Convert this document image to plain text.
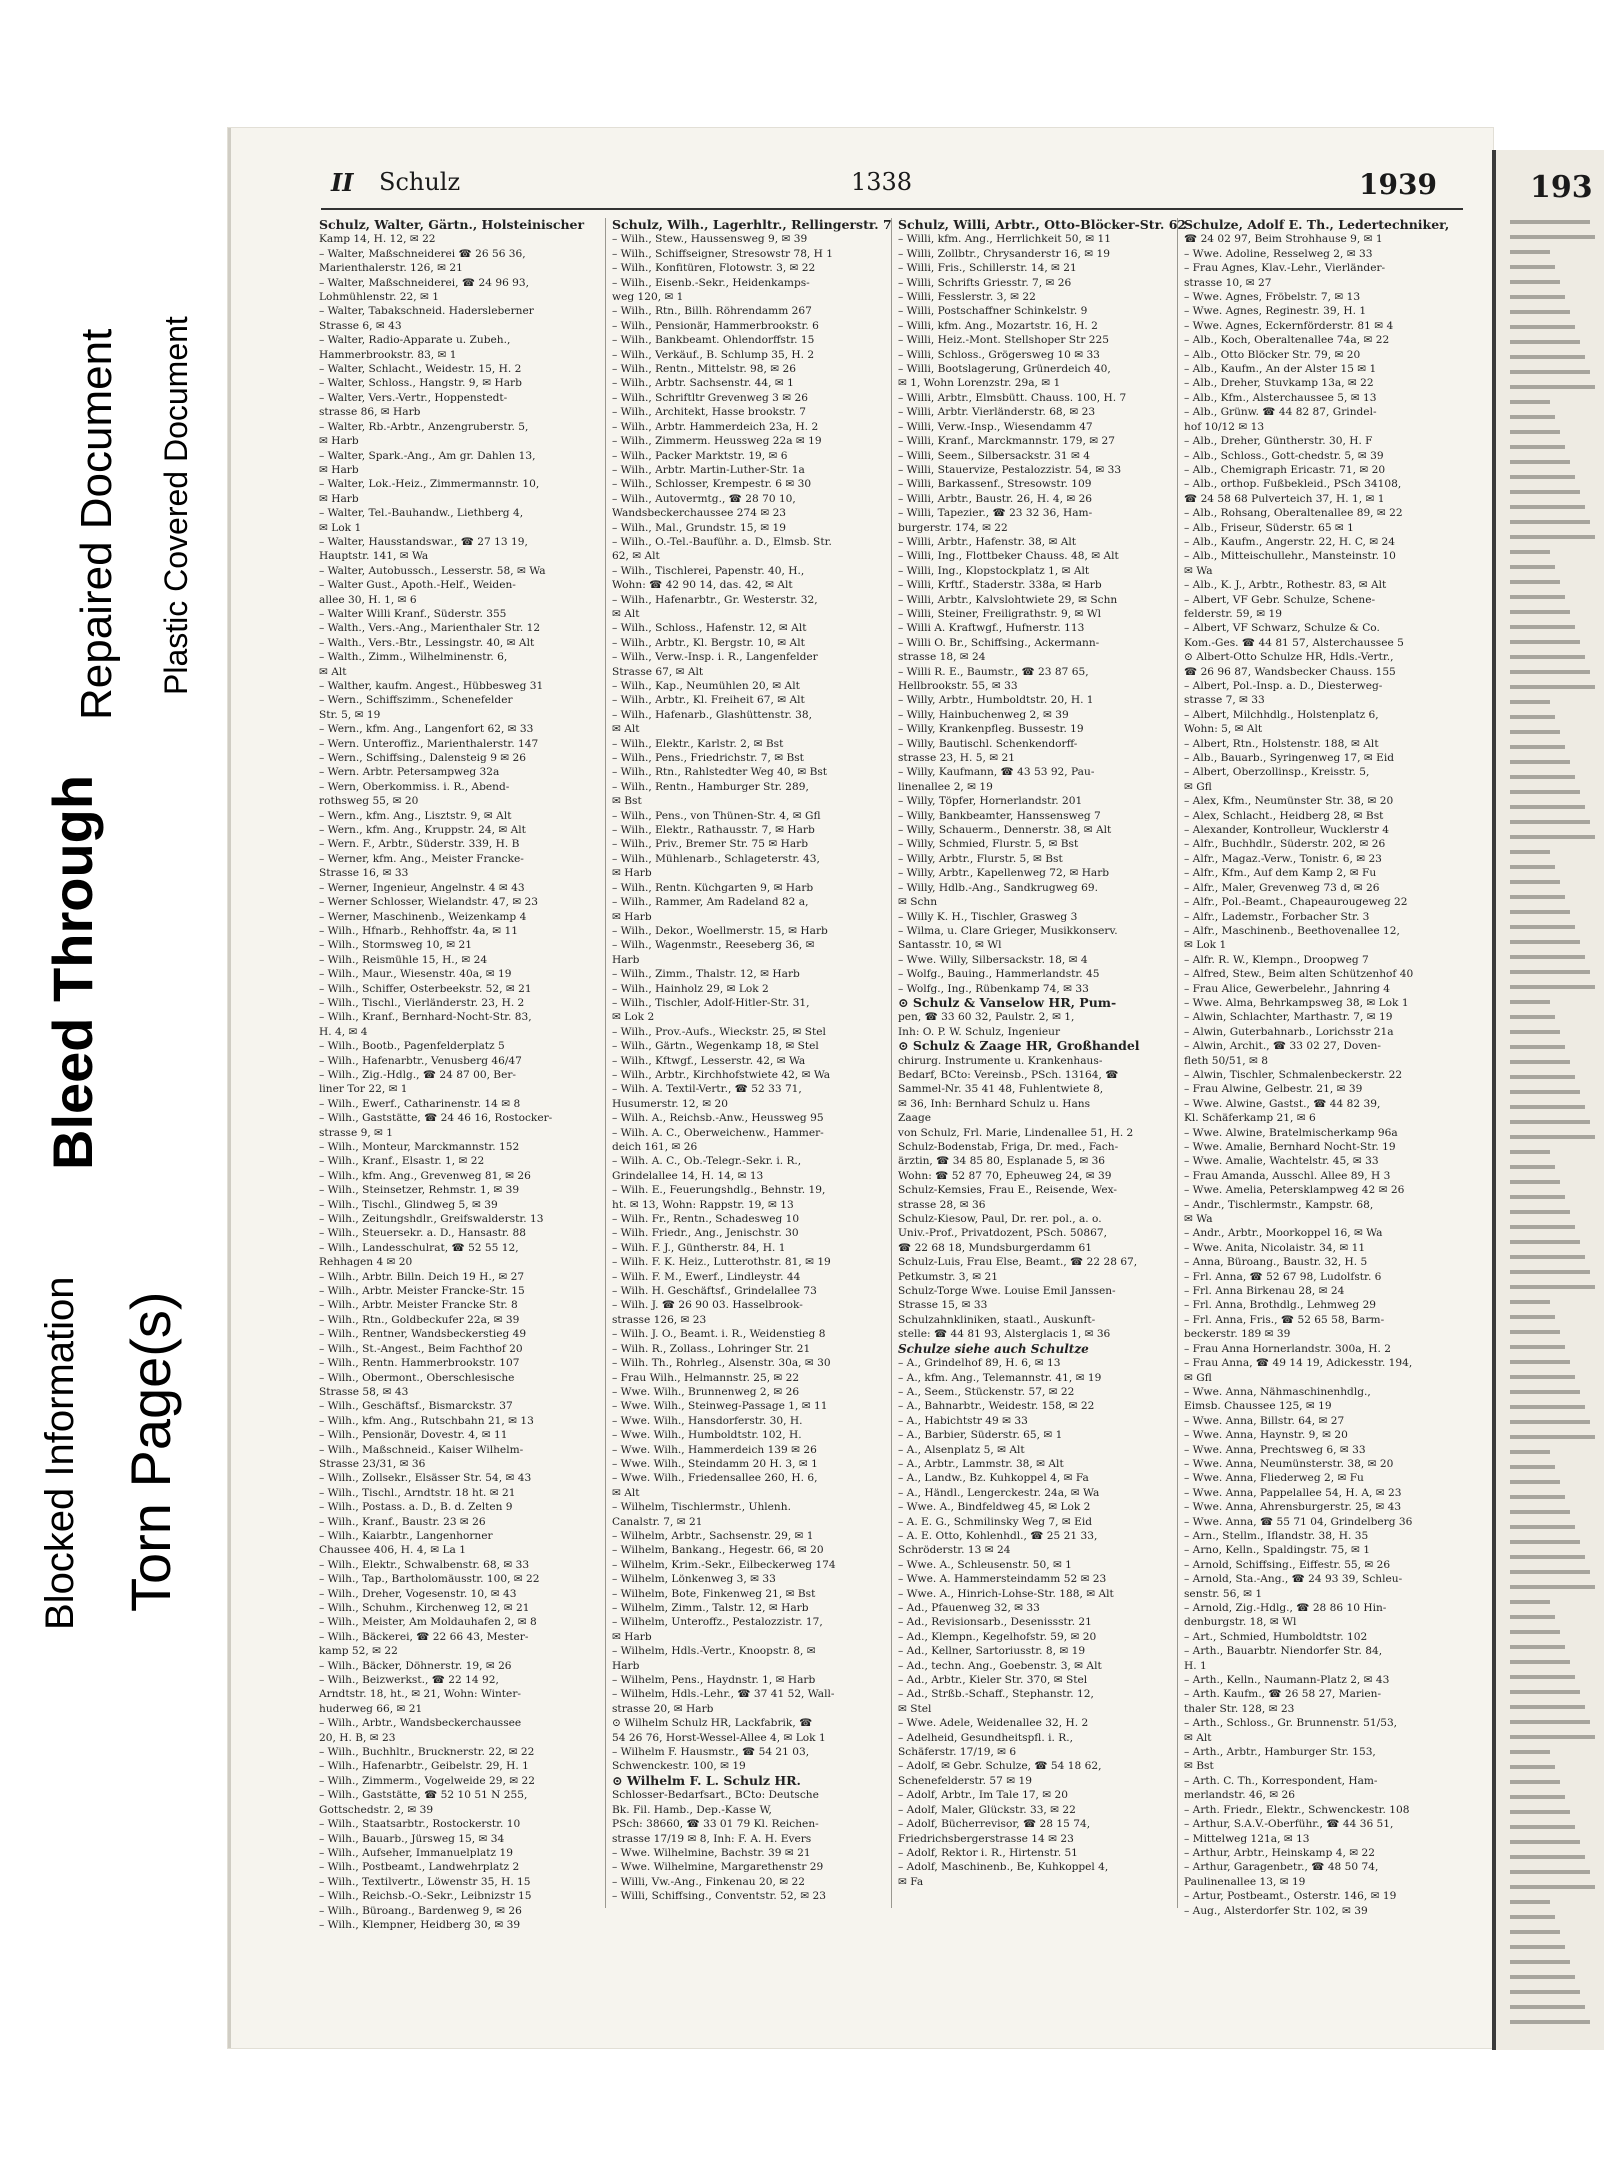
Blocked Information Torn Page(s)
Bleed Through
Repaired Document Plastic Covered Document
II Schulz	1338	1939
Schulz, Walter, Gärtn., Holsteinischer
Kamp 14, H. 12, ✉ 22
– Walter, Maßschneiderei ☎ 26 56 36,
Marienthalerstr. 126, ✉ 21
– Walter, Maßschneiderei, ☎ 24 96 93,
Lohmühlenstr. 22, ✉ 1
– Walter, Tabakschneid. Hadersleberner
Strasse 6, ✉ 43
– Walter, Radio-Apparate u. Zubeh.,
Hammerbrookstr. 83, ✉ 1
– Walter, Schlacht., Weidestr. 15, H. 2
– Walter, Schloss., Hangstr. 9, ✉ Harb
– Walter, Vers.-Vertr., Hoppenstedt-
strasse 86, ✉ Harb
– Walter, Rb.-Arbtr., Anzengruberstr. 5,
✉ Harb
– Walter, Spark.-Ang., Am gr. Dahlen 13,
✉ Harb
– Walter, Lok.-Heiz., Zimmermannstr. 10,
✉ Harb
– Walter, Tel.-Bauhandw., Liethberg 4,
✉ Lok 1
– Walter, Hausstandswar., ☎ 27 13 19,
Hauptstr. 141, ✉ Wa
– Walter, Autobussch., Lesserstr. 58, ✉ Wa
– Walter Gust., Apoth.-Helf., Weiden-
allee 30, H. 1, ✉ 6
– Walter Willi Kranf., Süderstr. 355
– Walth., Vers.-Ang., Marienthaler Str. 12
– Walth., Vers.-Btr., Lessingstr. 40, ✉ Alt
– Walth., Zimm., Wilhelminenstr. 6,
✉ Alt
– Walther, kaufm. Angest., Hübbesweg 31
– Wern., Schiffszimm., Schenefelder
Str. 5, ✉ 19
– Wern., kfm. Ang., Langenfort 62, ✉ 33
– Wern. Unteroffiz., Marienthalerstr. 147
– Wern., Schiffsing., Dalensteig 9 ✉ 26
– Wern. Arbtr. Petersampweg 32a
– Wern, Oberkommiss. i. R., Abend-
rothsweg 55, ✉ 20
– Wern., kfm. Ang., Lisztstr. 9, ✉ Alt
– Wern., kfm. Ang., Kruppstr. 24, ✉ Alt
– Wern. F., Arbtr., Süderstr. 339, H. B
– Werner, kfm. Ang., Meister Francke-
Strasse 16, ✉ 33
– Werner, Ingenieur, Angelnstr. 4 ✉ 43
– Werner Schlosser, Wielandstr. 47, ✉ 23
– Werner, Maschinenb., Weizenkamp 4
– Wilh., Hfnarb., Rehhoffstr. 4a, ✉ 11
– Wilh., Stormsweg 10, ✉ 21
– Wilh., Reismühle 15, H., ✉ 24
– Wilh., Maur., Wiesenstr. 40a, ✉ 19
– Wilh., Schiffer, Osterbeekstr. 52, ✉ 21
– Wilh., Tischl., Vierländerstr. 23, H. 2
– Wilh., Kranf., Bernhard-Nocht-Str. 83,
H. 4, ✉ 4
– Wilh., Bootb., Pagenfelderplatz 5
– Wilh., Hafenarbtr., Venusberg 46/47
– Wilh., Zig.-Hdlg., ☎ 24 87 00, Ber-
liner Tor 22, ✉ 1
– Wilh., Ewerf., Catharinenstr. 14 ✉ 8
– Wilh., Gaststätte, ☎ 24 46 16, Rostocker-
strasse 9, ✉ 1
– Wilh., Monteur, Marckmannstr. 152
– Wilh., Kranf., Elsastr. 1, ✉ 22
– Wilh., kfm. Ang., Grevenweg 81, ✉ 26
– Wilh., Steinsetzer, Rehmstr. 1, ✉ 39
– Wilh., Tischl., Glindweg 5, ✉ 39
– Wilh., Zeitungshdlr., Greifswalderstr. 13
– Wilh., Steuersekr. a. D., Hansastr. 88
– Wilh., Landesschulrat, ☎ 52 55 12,
Rehhagen 4 ✉ 20
– Wilh., Arbtr. Billn. Deich 19 H., ✉ 27
– Wilh., Arbtr. Meister Francke-Str. 15
– Wilh., Arbtr. Meister Francke Str. 8
– Wilh., Rtn., Goldbeckufer 22a, ✉ 39
– Wilh., Rentner, Wandsbeckerstieg 49
– Wilh., St.-Angest., Beim Fachthof 20
– Wilh., Rentn. Hammerbrookstr. 107
– Wilh., Obermont., Oberschlesische
Strasse 58, ✉ 43
– Wilh., Geschäftsf., Bismarckstr. 37
– Wilh., kfm. Ang., Rutschbahn 21, ✉ 13
– Wilh., Pensionär, Dovestr. 4, ✉ 11
– Wilh., Maßschneid., Kaiser Wilhelm-
Strasse 23/31, ✉ 36
– Wilh., Zollsekr., Elsässer Str. 54, ✉ 43
– Wilh., Tischl., Arndtstr. 18 ht. ✉ 21
– Wilh., Postass. a. D., B. d. Zelten 9
– Wilh., Kranf., Baustr. 23 ✉ 26
– Wilh., Kaiarbtr., Langenhorner
Chaussee 406, H. 4, ✉ La 1
– Wilh., Elektr., Schwalbenstr. 68, ✉ 33
– Wilh., Tap., Bartholomäusstr. 100, ✉ 22
– Wilh., Dreher, Vogesenstr. 10, ✉ 43
– Wilh., Schuhm., Kirchenweg 12, ✉ 21
– Wilh., Meister, Am Moldauhafen 2, ✉ 8
– Wilh., Bäckerei, ☎ 22 66 43, Mester-
kamp 52, ✉ 22
– Wilh., Bäcker, Döhnerstr. 19, ✉ 26
– Wilh., Beizwerkst., ☎ 22 14 92,
Arndtstr. 18, ht., ✉ 21, Wohn: Winter-
huderweg 66, ✉ 21
– Wilh., Arbtr., Wandsbeckerchaussee
20, H. B, ✉ 23
– Wilh., Buchhltr., Brucknerstr. 22, ✉ 22
– Wilh., Hafenarbtr., Geibelstr. 29, H. 1
– Wilh., Zimmerm., Vogelweide 29, ✉ 22
– Wilh., Gaststätte, ☎ 52 10 51 N 255,
Gottschedstr. 2, ✉ 39
– Wilh., Staatsarbtr., Rostockerstr. 10
– Wilh., Bauarb., Jürsweg 15, ✉ 34
– Wilh., Aufseher, Immanuelplatz 19
– Wilh., Postbeamt., Landwehrplatz 2
– Wilh., Textilvertr., Löwenstr 35, H. 15
– Wilh., Reichsb.-O.-Sekr., Leibnizstr 15
– Wilh., Büroang., Bardenweg 9, ✉ 26
– Wilh., Klempner, Heidberg 30, ✉ 39
Schulz, Wilh., Lagerhltr., Rellingerstr. 7
– Wilh., Stew., Haussensweg 9, ✉ 39
– Wilh., Schiffseigner, Stresowstr 78, H 1
– Wilh., Konfitüren, Flotowstr. 3, ✉ 22
– Wilh., Eisenb.-Sekr., Heidenkamps-
weg 120, ✉ 1
– Wilh., Rtn., Billh. Röhrendamm 267
– Wilh., Pensionär, Hammerbrookstr. 6
– Wilh., Bankbeamt. Ohlendorffstr. 15
– Wilh., Verkäuf., B. Schlump 35, H. 2
– Wilh., Rentn., Mittelstr. 98, ✉ 26
– Wilh., Arbtr. Sachsenstr. 44, ✉ 1
– Wilh., Schriftltr Grevenweg 3 ✉ 26
– Wilh., Architekt, Hasse brookstr. 7
– Wilh., Arbtr. Hammerdeich 23a, H. 2
– Wilh., Zimmerm. Heussweg 22a ✉ 19
– Wilh., Packer Marktstr. 19, ✉ 6
– Wilh., Arbtr. Martin-Luther-Str. 1a
– Wilh., Schlosser, Krempestr. 6 ✉ 30
– Wilh., Autovermtg., ☎ 28 70 10,
Wandsbeckerchaussee 274 ✉ 23
– Wilh., Mal., Grundstr. 15, ✉ 19
– Wilh., O.-Tel.-Bauführ. a. D., Elmsb. Str.
62, ✉ Alt
– Wilh., Tischlerei, Papenstr. 40, H.,
Wohn: ☎ 42 90 14, das. 42, ✉ Alt
– Wilh., Hafenarbtr., Gr. Westerstr. 32,
✉ Alt
– Wilh., Schloss., Hafenstr. 12, ✉ Alt
– Wilh., Arbtr., Kl. Bergstr. 10, ✉ Alt
– Wilh., Verw.-Insp. i. R., Langenfelder
Strasse 67, ✉ Alt
– Wilh., Kap., Neumühlen 20, ✉ Alt
– Wilh., Arbtr., Kl. Freiheit 67, ✉ Alt
– Wilh., Hafenarb., Glashüttenstr. 38,
✉ Alt
– Wilh., Elektr., Karlstr. 2, ✉ Bst
– Wilh., Pens., Friedrichstr. 7, ✉ Bst
– Wilh., Rtn., Rahlstedter Weg 40, ✉ Bst
– Wilh., Rentn., Hamburger Str. 289,
✉ Bst
– Wilh., Pens., von Thünen-Str. 4, ✉ Gfl
– Wilh., Elektr., Rathausstr. 7, ✉ Harb
– Wilh., Priv., Bremer Str. 75 ✉ Harb
– Wilh., Mühlenarb., Schlageterstr. 43,
✉ Harb
– Wilh., Rentn. Küchgarten 9, ✉ Harb
– Wilh., Rammer, Am Radeland 82 a,
✉ Harb
– Wilh., Dekor., Woellmerstr. 15, ✉ Harb
– Wilh., Wagenmstr., Reeseberg 36, ✉
Harb
– Wilh., Zimm., Thalstr. 12, ✉ Harb
– Wilh., Hainholz 29, ✉ Lok 2
– Wilh., Tischler, Adolf-Hitler-Str. 31,
✉ Lok 2
– Wilh., Prov.-Aufs., Wieckstr. 25, ✉ Stel
– Wilh., Gärtn., Wegenkamp 18, ✉ Stel
– Wilh., Kftwgf., Lesserstr. 42, ✉ Wa
– Wilh., Arbtr., Kirchhofstwiete 42, ✉ Wa
– Wilh. A. Textil-Vertr., ☎ 52 33 71,
Husumerstr. 12, ✉ 20
– Wilh. A., Reichsb.-Anw., Heussweg 95
– Wilh. A. C., Oberweichenw., Hammer-
deich 161, ✉ 26
– Wilh. A. C., Ob.-Telegr.-Sekr. i. R.,
Grindelallee 14, H. 14, ✉ 13
– Wilh. E., Feuerungshdlg., Behnstr. 19,
ht. ✉ 13, Wohn: Rappstr. 19, ✉ 13
– Wilh. Fr., Rentn., Schadesweg 10
– Wilh. Friedr., Ang., Jenischstr. 30
– Wilh. F. J., Güntherstr. 84, H. 1
– Wilh. F. K. Heiz., Lutterothstr. 81, ✉ 19
– Wilh. F. M., Ewerf., Lindleystr. 44
– Wilh. H. Geschäftsf., Grindelallee 73
– Wilh. J. ☎ 26 90 03. Hasselbrook-
strasse 126, ✉ 23
– Wilh. J. O., Beamt. i. R., Weidenstieg 8
– Wilh. R., Zollass., Lohringer Str. 21
– Wilh. Th., Rohrleg., Alsenstr. 30a, ✉ 30
– Frau Wilh., Helmannstr. 25, ✉ 22
– Wwe. Wilh., Brunnenweg 2, ✉ 26
– Wwe. Wilh., Steinweg-Passage 1, ✉ 11
– Wwe. Wilh., Hansdorferstr. 30, H.
– Wwe. Wilh., Humboldtstr. 102, H.
– Wwe. Wilh., Hammerdeich 139 ✉ 26
– Wwe. Wilh., Steindamm 20 H. 3, ✉ 1
– Wwe. Wilh., Friedensallee 260, H. 6,
✉ Alt
– Wilhelm, Tischlermstr., Uhlenh.
Canalstr. 7, ✉ 21
– Wilhelm, Arbtr., Sachsenstr. 29, ✉ 1
– Wilhelm, Bankang., Hegestr. 66, ✉ 20
– Wilhelm, Krim.-Sekr., Eilbeckerweg 174
– Wilhelm, Lönkenweg 3, ✉ 33
– Wilhelm, Bote, Finkenweg 21, ✉ Bst
– Wilhelm, Zimm., Talstr. 12, ✉ Harb
– Wilhelm, Unteroffz., Pestalozzistr. 17,
✉ Harb
– Wilhelm, Hdls.-Vertr., Knoopstr. 8, ✉
Harb
– Wilhelm, Pens., Haydnstr. 1, ✉ Harb
– Wilhelm, Hdls.-Lehr., ☎ 37 41 52, Wall-
strasse 20, ✉ Harb
⊙ Wilhelm Schulz HR, Lackfabrik, ☎
54 26 76, Horst-Wessel-Allee 4, ✉ Lok 1
– Wilhelm F. Hausmstr., ☎ 54 21 03,
Schwenckestr. 100, ✉ 19
⊙ Wilhelm F. L. Schulz HR.
Schlosser-Bedarfsart., BCto: Deutsche
Bk. Fil. Hamb., Dep.-Kasse W,
PSch: 38660, ☎ 33 01 79 Kl. Reichen-
strasse 17/19 ✉ 8, Inh: F. A. H. Evers
– Wwe. Wilhelmine, Bachstr. 39 ✉ 21
– Wwe. Wilhelmine, Margarethenstr 29
– Willi, Vw.-Ang., Finkenau 20, ✉ 22
– Willi, Schiffsing., Conventstr. 52, ✉ 23
Schulz, Willi, Arbtr., Otto-Blöcker-Str. 62
– Willi, kfm. Ang., Herrlichkeit 50, ✉ 11
– Willi, Zollbtr., Chrysanderstr 16, ✉ 19
– Willi, Fris., Schillerstr. 14, ✉ 21
– Willi, Schrifts Griesstr. 7, ✉ 26
– Willi, Fesslerstr. 3, ✉ 22
– Willi, Postschaffner Schinkelstr. 9
– Willi, kfm. Ang., Mozartstr. 16, H. 2
– Willi, Heiz.-Mont. Stellshoper Str 225
– Willi, Schloss., Grögersweg 10 ✉ 33
– Willi, Bootslagerung, Grünerdeich 40,
✉ 1, Wohn Lorenzstr. 29a, ✉ 1
– Willi, Arbtr., Elmsbütt. Chauss. 100, H. 7
– Willi, Arbtr. Vierländerstr. 68, ✉ 23
– Willi, Verw.-Insp., Wiesendamm 47
– Willi, Kranf., Marckmannstr. 179, ✉ 27
– Willi, Seem., Silbersackstr. 31 ✉ 4
– Willi, Stauervize, Pestalozzistr. 54, ✉ 33
– Willi, Barkassenf., Stresowstr. 109
– Willi, Arbtr., Baustr. 26, H. 4, ✉ 26
– Willi, Tapezier., ☎ 23 32 36, Ham-
burgerstr. 174, ✉ 22
– Willi, Arbtr., Hafenstr. 38, ✉ Alt
– Willi, Ing., Flottbeker Chauss. 48, ✉ Alt
– Willi, Ing., Klopstockplatz 1, ✉ Alt
– Willi, Krftf., Staderstr. 338a, ✉ Harb
– Willi, Arbtr., Kalvslohtwiete 29, ✉ Schn
– Willi, Steiner, Freiligrathstr. 9, ✉ Wl
– Willi A. Kraftwgf., Hufnerstr. 113
– Willi O. Br., Schiffsing., Ackermann-
strasse 18, ✉ 24
– Willi R. E., Baumstr., ☎ 23 87 65,
Hellbrookstr. 55, ✉ 33
– Willy, Arbtr., Humboldtstr. 20, H. 1
– Willy, Hainbuchenweg 2, ✉ 39
– Willy, Krankenpfleg. Bussestr. 19
– Willy, Bautischl. Schenkendorff-
strasse 23, H. 5, ✉ 21
– Willy, Kaufmann, ☎ 43 53 92, Pau-
linenallee 2, ✉ 19
– Willy, Töpfer, Hornerlandstr. 201
– Willy, Bankbeamter, Hanssensweg 7
– Willy, Schauerm., Dennerstr. 38, ✉ Alt
– Willy, Schmied, Flurstr. 5, ✉ Bst
– Willy, Arbtr., Flurstr. 5, ✉ Bst
– Willy, Arbtr., Kapellenweg 72, ✉ Harb
– Willy, Hdlb.-Ang., Sandkrugweg 69.
✉ Schn
– Willy K. H., Tischler, Grasweg 3
– Wilma, u. Clare Grieger, Musikkonserv.
Santasstr. 10, ✉ Wl
– Wwe. Willy, Silbersackstr. 18, ✉ 4
– Wolfg., Bauing., Hammerlandstr. 45
– Wolfg., Ing., Rübenkamp 74, ✉ 33
⊙ Schulz & Vanselow HR, Pum-
pen, ☎ 33 60 32, Paulstr. 2, ✉ 1,
Inh: O. P. W. Schulz, Ingenieur
⊙ Schulz & Zaage HR, Großhandel
chirurg. Instrumente u. Krankenhaus-
Bedarf, BCto: Vereinsb., PSch. 13164, ☎
Sammel-Nr. 35 41 48, Fuhlentwiete 8,
✉ 36, Inh: Bernhard Schulz u. Hans
Zaage
von Schulz, Frl. Marie, Lindenallee 51, H. 2
Schulz-Bodenstab, Friga, Dr. med., Fach-
ärztin, ☎ 34 85 80, Esplanade 5, ✉ 36
Wohn: ☎ 52 87 70, Epheuweg 24, ✉ 39
Schulz-Kemsies, Frau E., Reisende, Wex-
strasse 28, ✉ 36
Schulz-Kiesow, Paul, Dr. rer. pol., a. o.
Univ.-Prof., Privatdozent, PSch. 50867,
☎ 22 68 18, Mundsburgerdamm 61
Schulz-Luis, Frau Else, Beamt., ☎ 22 28 67,
Petkumstr. 3, ✉ 21
Schulz-Torge Wwe. Louise Emil Janssen-
Strasse 15, ✉ 33
Schulzahnkliniken, staatl., Auskunft-
stelle: ☎ 44 81 93, Alsterglacis 1, ✉ 36
Schulze siehe auch Schultze
– A., Grindelhof 89, H. 6, ✉ 13
– A., kfm. Ang., Telemannstr. 41, ✉ 19
– A., Seem., Stückenstr. 57, ✉ 22
– A., Bahnarbtr., Weidestr. 158, ✉ 22
– A., Habichtstr 49 ✉ 33
– A., Barbier, Süderstr. 65, ✉ 1
– A., Alsenplatz 5, ✉ Alt
– A., Arbtr., Lammstr. 38, ✉ Alt
– A., Landw., Bz. Kuhkoppel 4, ✉ Fa
– A., Händl., Lengerckestr. 24a, ✉ Wa
– Wwe. A., Bindfeldweg 45, ✉ Lok 2
– A. E. G., Schmilinsky Weg 7, ✉ Eid
– A. E. Otto, Kohlenhdl., ☎ 25 21 33,
Schröderstr. 13 ✉ 24
– Wwe. A., Schleusenstr. 50, ✉ 1
– Wwe. A. Hammersteindamm 52 ✉ 23
– Wwe. A., Hinrich-Lohse-Str. 188, ✉ Alt
– Ad., Pfauenweg 32, ✉ 33
– Ad., Revisionsarb., Desenissstr. 21
– Ad., Klempn., Kegelhofstr. 59, ✉ 20
– Ad., Kellner, Sartoriusstr. 8, ✉ 19
– Ad., techn. Ang., Goebenstr. 3, ✉ Alt
– Ad., Arbtr., Kieler Str. 370, ✉ Stel
– Ad., Strßb.-Schaff., Stephanstr. 12,
✉ Stel
– Wwe. Adele, Weidenallee 32, H. 2
– Adelheid, Gesundheitspfl. i. R.,
Schäferstr. 17/19, ✉ 6
– Adolf, ✉ Gebr. Schulze, ☎ 54 18 62,
Schenefelderstr. 57 ✉ 19
– Adolf, Arbtr., Im Tale 17, ✉ 20
– Adolf, Maler, Glückstr. 33, ✉ 22
– Adolf, Bücherrevisor, ☎ 28 15 74,
Friedrichsbergerstrasse 14 ✉ 23
– Adolf, Rektor i. R., Hirtenstr. 51
– Adolf, Maschinenb., Be, Kuhkoppel 4,
✉ Fa
Schulze, Adolf E. Th., Ledertechniker,
☎ 24 02 97, Beim Strohhause 9, ✉ 1
– Wwe. Adoline, Resselweg 2, ✉ 33
– Frau Agnes, Klav.-Lehr., Vierländer-
strasse 10, ✉ 27
– Wwe. Agnes, Fröbelstr. 7, ✉ 13
– Wwe. Agnes, Reginestr. 39, H. 1
– Wwe. Agnes, Eckernförderstr. 81 ✉ 4
– Alb., Koch, Oberaltenallee 74a, ✉ 22
– Alb., Otto Blöcker Str. 79, ✉ 20
– Alb., Kaufm., An der Alster 15 ✉ 1
– Alb., Dreher, Stuvkamp 13a, ✉ 22
– Alb., Kfm., Alsterchaussee 5, ✉ 13
– Alb., Grünw. ☎ 44 82 87, Grindel-
hof 10/12 ✉ 13
– Alb., Dreher, Güntherstr. 30, H. F
– Alb., Schloss., Gott-chedstr. 5, ✉ 39
– Alb., Chemigraph Ericastr. 71, ✉ 20
– Alb., orthop. Fußbekleid., PSch 34108,
☎ 24 58 68 Pulverteich 37, H. 1, ✉ 1
– Alb., Rohsang, Oberaltenallee 89, ✉ 22
– Alb., Friseur, Süderstr. 65 ✉ 1
– Alb., Kaufm., Angerstr. 22, H. C, ✉ 24
– Alb., Mitteischullehr., Mansteinstr. 10
✉ Wa
– Alb., K. J., Arbtr., Rothestr. 83, ✉ Alt
– Albert, VF Gebr. Schulze, Schene-
felderstr. 59, ✉ 19
– Albert, VF Schwarz, Schulze & Co.
Kom.-Ges. ☎ 44 81 57, Alsterchaussee 5
⊙ Albert-Otto Schulze HR, Hdls.-Vertr.,
☎ 26 96 87, Wandsbecker Chauss. 155
– Albert, Pol.-Insp. a. D., Diesterweg-
strasse 7, ✉ 33
– Albert, Milchhdlg., Holstenplatz 6,
Wohn: 5, ✉ Alt
– Albert, Rtn., Holstenstr. 188, ✉ Alt
– Alb., Bauarb., Syringenweg 17, ✉ Eid
– Albert, Oberzollinsp., Kreisstr. 5,
✉ Gfl
– Alex, Kfm., Neumünster Str. 38, ✉ 20
– Alex, Schlacht., Heidberg 28, ✉ Bst
– Alexander, Kontrolleur, Wucklerstr 4
– Alfr., Buchhdlr., Süderstr. 202, ✉ 26
– Alfr., Magaz.-Verw., Tonistr. 6, ✉ 23
– Alfr., Kfm., Auf dem Kamp 2, ✉ Fu
– Alfr., Maler, Grevenweg 73 d, ✉ 26
– Alfr., Pol.-Beamt., Chapeaurougeweg 22
– Alfr., Lademstr., Forbacher Str. 3
– Alfr., Maschinenb., Beethovenallee 12,
✉ Lok 1
– Alfr. R. W., Klempn., Droopweg 7
– Alfred, Stew., Beim alten Schützenhof 40
– Frau Alice, Gewerbelehr., Jahnring 4
– Wwe. Alma, Behrkampsweg 38, ✉ Lok 1
– Alwin, Schlachter, Marthastr. 7, ✉ 19
– Alwin, Guterbahnarb., Lorichsstr 21a
– Alwin, Archit., ☎ 33 02 27, Doven-
fleth 50/51, ✉ 8
– Alwin, Tischler, Schmalenbeckerstr. 22
– Frau Alwine, Gelbestr. 21, ✉ 39
– Wwe. Alwine, Gastst., ☎ 44 82 39,
Kl. Schäferkamp 21, ✉ 6
– Wwe. Alwine, Bratelmischerkamp 96a
– Wwe. Amalie, Bernhard Nocht-Str. 19
– Wwe. Amalie, Wachtelstr. 45, ✉ 33
– Frau Amanda, Ausschl. Allee 89, H 3
– Wwe. Amelia, Petersklampweg 42 ✉ 26
– Andr., Tischlermstr., Kampstr. 68,
✉ Wa
– Andr., Arbtr., Moorkoppel 16, ✉ Wa
– Wwe. Anita, Nicolaistr. 34, ✉ 11
– Anna, Büroang., Baustr. 32, H. 5
– Frl. Anna, ☎ 52 67 98, Ludolfstr. 6
– Frl. Anna Birkenau 28, ✉ 24
– Frl. Anna, Brothdlg., Lehmweg 29
– Frl. Anna, Fris., ☎ 52 65 58, Barm-
beckerstr. 189 ✉ 39
– Frau Anna Hornerlandstr. 300a, H. 2
– Frau Anna, ☎ 49 14 19, Adickesstr. 194,
✉ Gfl
– Wwe. Anna, Nähmaschinenhdlg.,
Eimsb. Chaussee 125, ✉ 19
– Wwe. Anna, Billstr. 64, ✉ 27
– Wwe. Anna, Haynstr. 9, ✉ 20
– Wwe. Anna, Prechtsweg 6, ✉ 33
– Wwe. Anna, Neumünsterstr. 38, ✉ 20
– Wwe. Anna, Fliederweg 2, ✉ Fu
– Wwe. Anna, Pappelallee 54, H. A, ✉ 23
– Wwe. Anna, Ahrensburgerstr. 25, ✉ 43
– Wwe. Anna, ☎ 55 71 04, Grindelberg 36
– Arn., Stellm., Iflandstr. 38, H. 35
– Arno, Kelln., Spaldingstr. 75, ✉ 1
– Arnold, Schiffsing., Eiffestr. 55, ✉ 26
– Arnold, Sta.-Ang., ☎ 24 93 39, Schleu-
senstr. 56, ✉ 1
– Arnold, Zig.-Hdlg., ☎ 28 86 10 Hin-
denburgstr. 18, ✉ Wl
– Art., Schmied, Humboldtstr. 102
– Arth., Bauarbtr. Niendorfer Str. 84,
H. 1
– Arth., Kelln., Naumann-Platz 2, ✉ 43
– Arth. Kaufm., ☎ 26 58 27, Marien-
thaler Str. 128, ✉ 23
– Arth., Schloss., Gr. Brunnenstr. 51/53,
✉ Alt
– Arth., Arbtr., Hamburger Str. 153,
✉ Bst
– Arth. C. Th., Korrespondent, Ham-
merlandstr. 46, ✉ 26
– Arth. Friedr., Elektr., Schwenckestr. 108
– Arthur, S.A.V.-Oberführ., ☎ 44 36 51,
– Mittelweg 121a, ✉ 13
– Arthur, Arbtr., Heinskamp 4, ✉ 22
– Arthur, Garagenbetr., ☎ 48 50 74,
Paulinenallee 13, ✉ 19
– Artur, Postbeamt., Osterstr. 146, ✉ 19
– Aug., Alsterdorfer Str. 102, ✉ 39
193
